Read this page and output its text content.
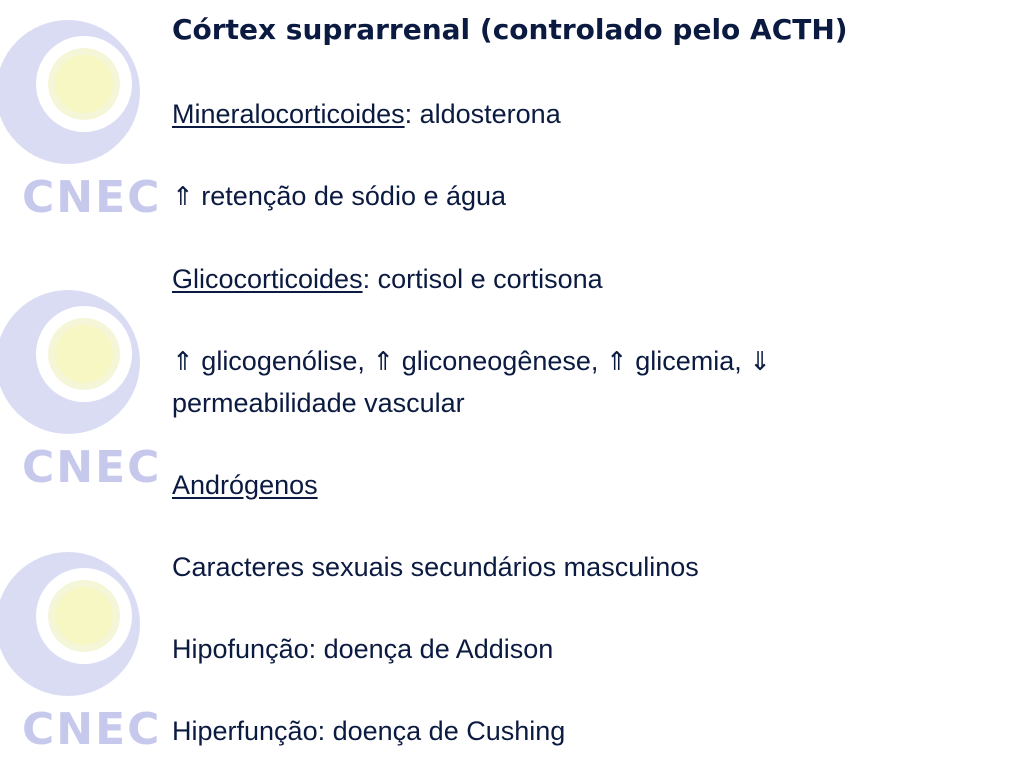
CNEC
CNEC
CNEC
Córtex suprarrenal (controlado pelo ACTH)

Mineralocorticoides: aldosterona

⇑ retenção de sódio e água

Glicocorticoides: cortisol e cortisona

⇑ glicogenólise, ⇑ gliconeogênese, ⇑ glicemia, ⇓
permeabilidade vascular

Andrógenos

Caracteres sexuais secundários masculinos

Hipofunção: doença de Addison

Hiperfunção: doença de Cushing
